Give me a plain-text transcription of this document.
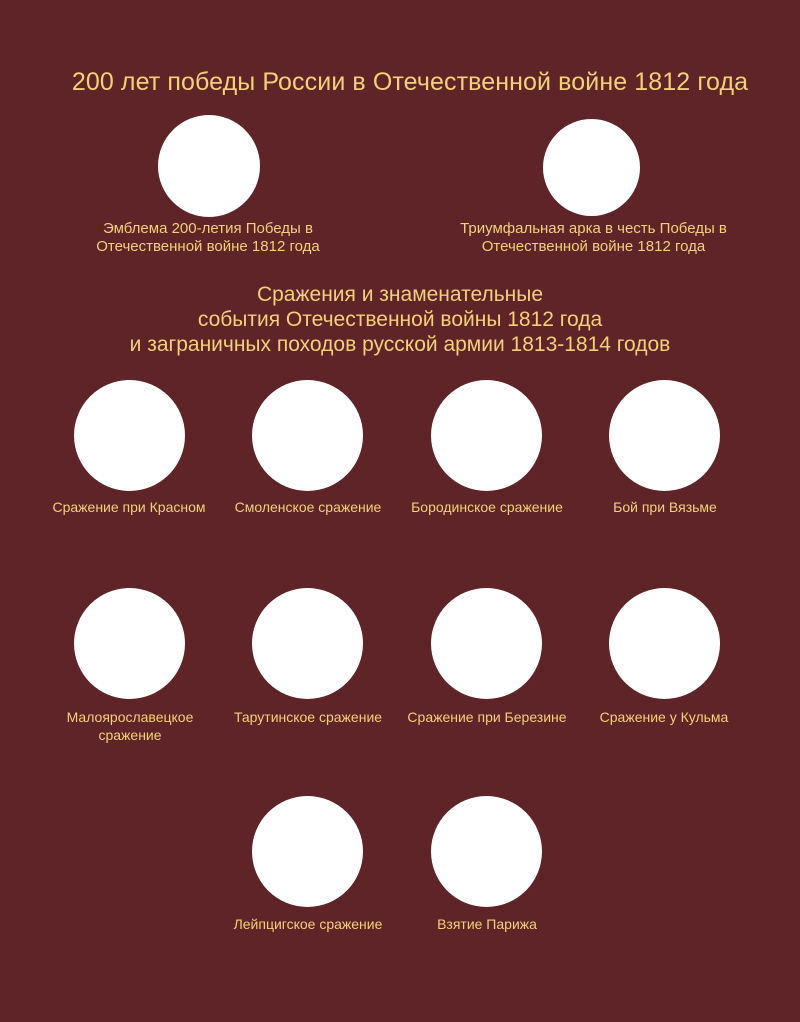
200 лет победы России в Отечественной войне 1812 года
Эмблема 200-летия Победы в
Отечественной войне 1812 года
Триумфальная арка в честь Победы в
Отечественной войне 1812 года
Сражения и знаменательные
события Отечественной войны 1812 года
и заграничных походов русской армии 1813-1814 годов
Сражение при Красном	Смоленское сражение	Бородинское сражение	Бой при Вязьме
Малоярославецкое
сражение
Тарутинское сражение	Сражение при Березине	Сражение у Кульма
Лейпцигское сражение	Взятие Парижа
